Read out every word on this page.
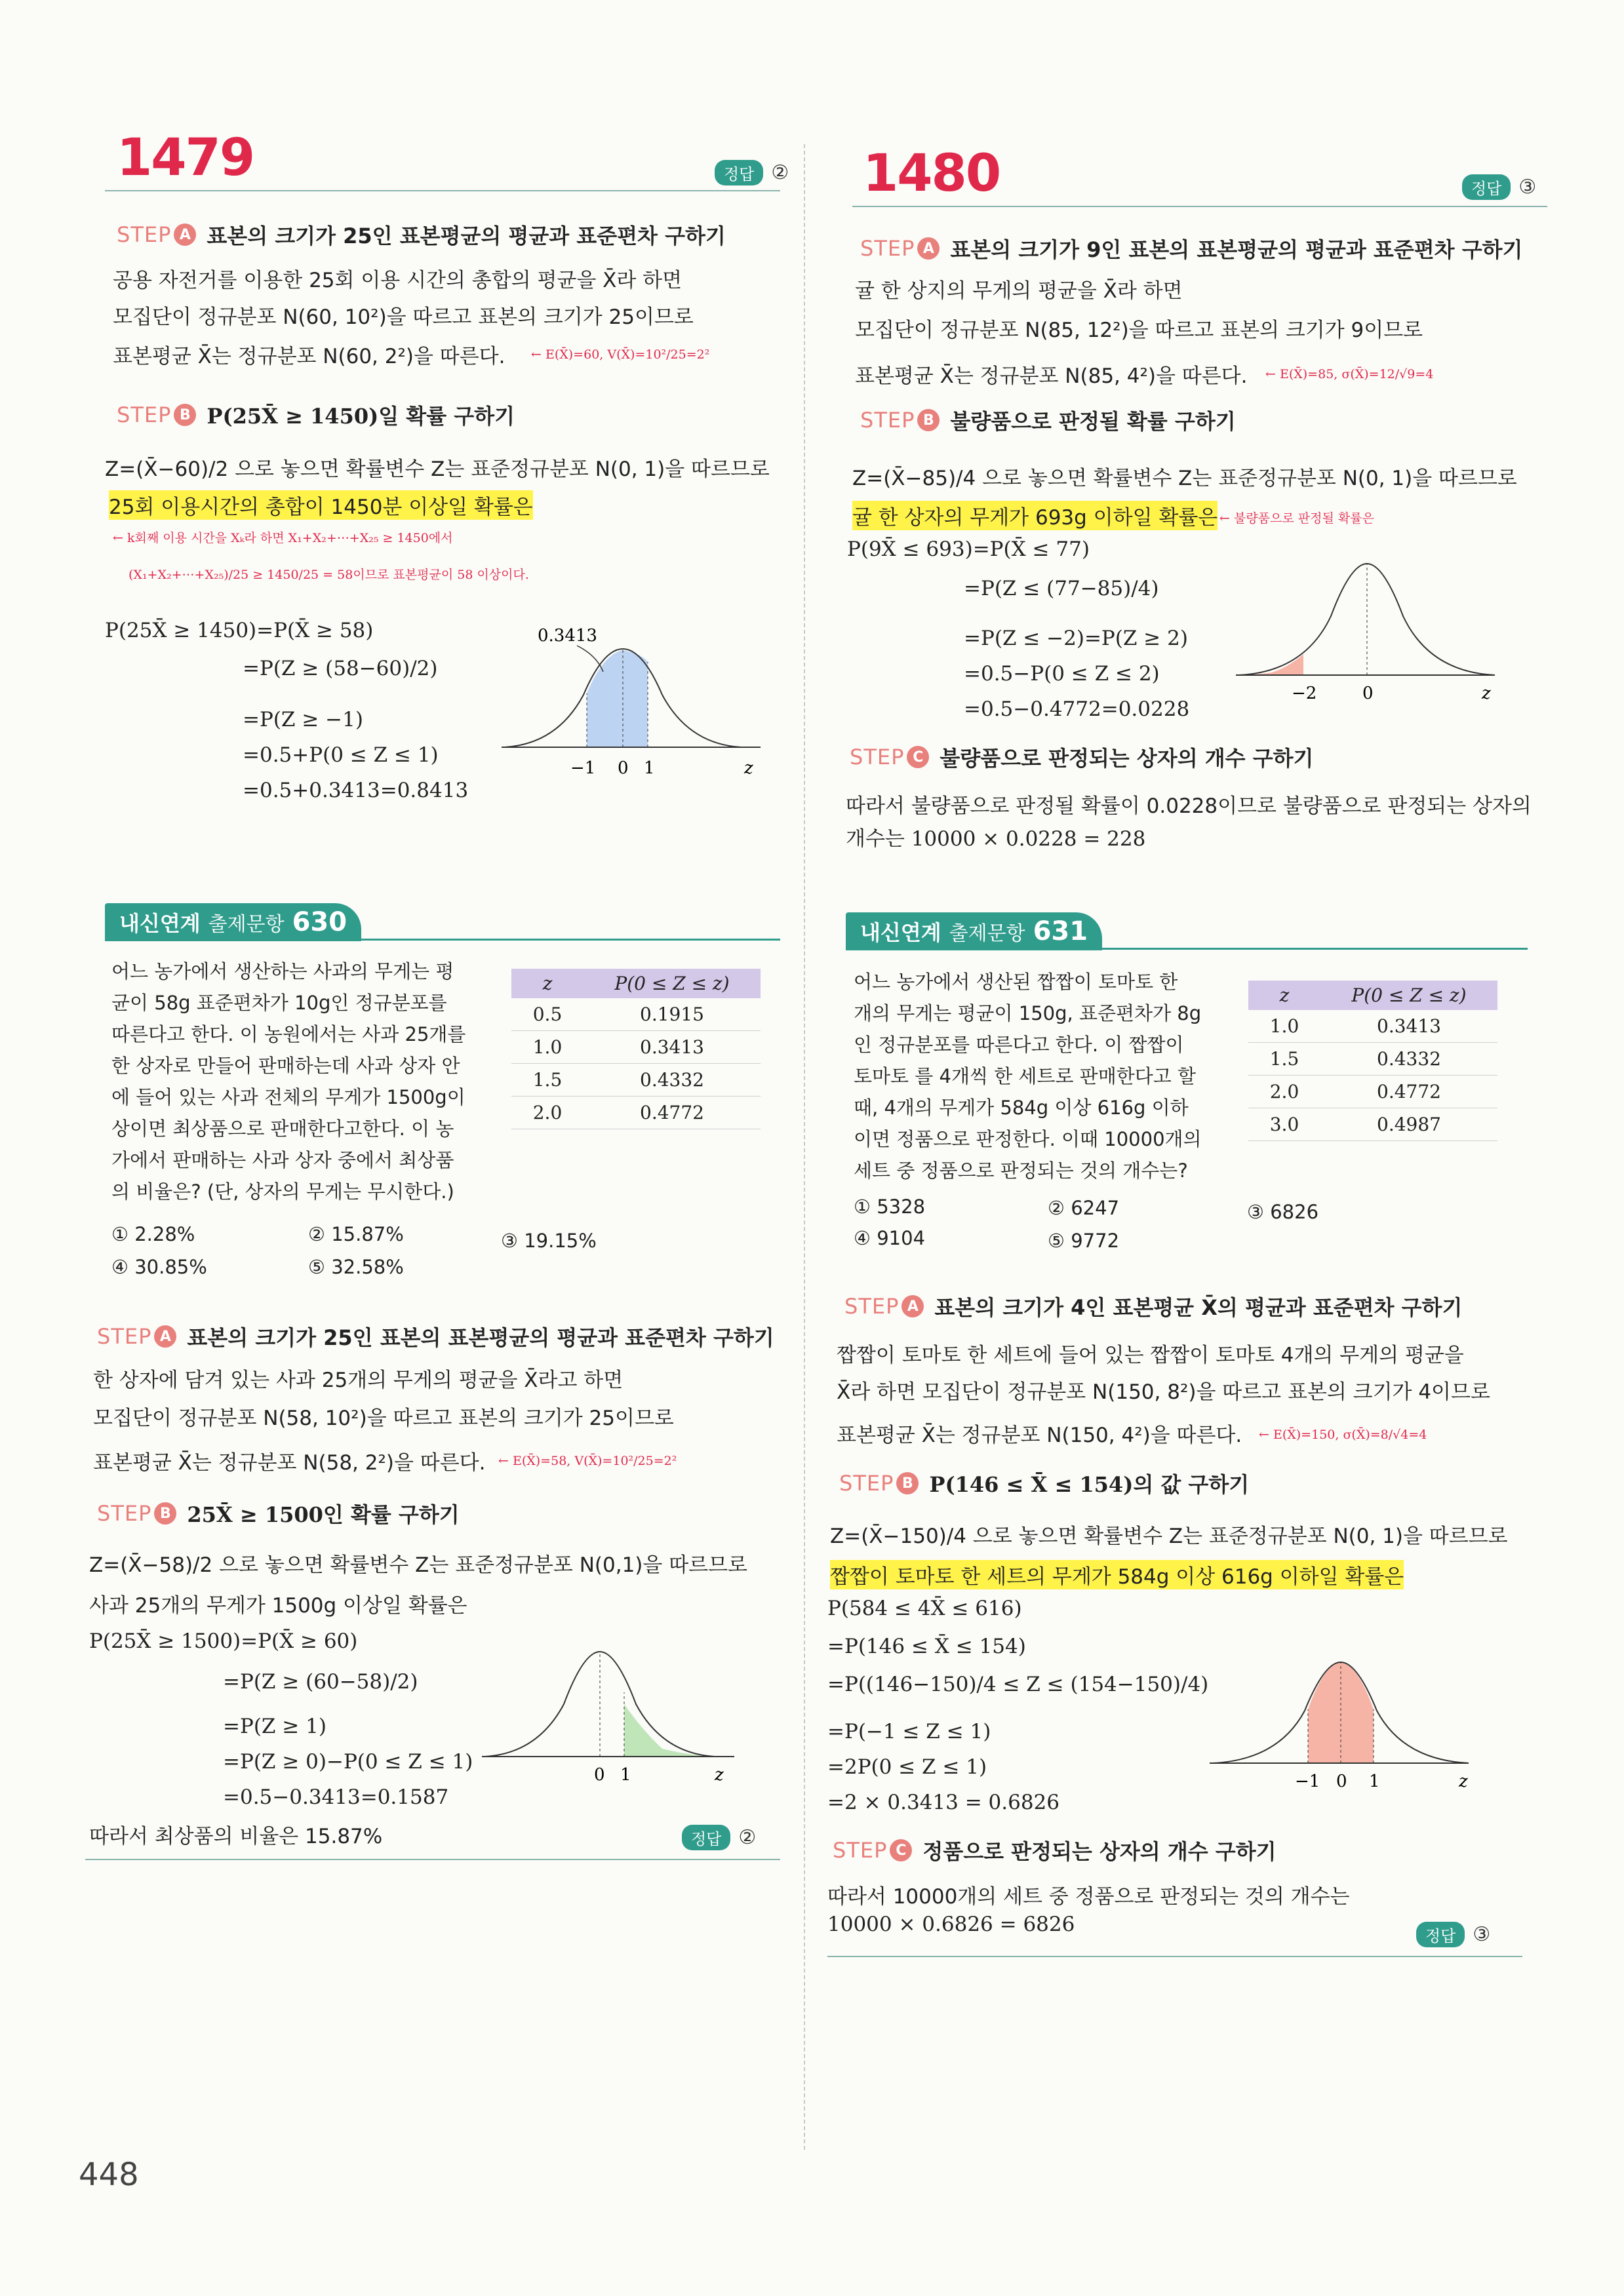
1479	정답 ②
STEP A 표본의 크기가 25인 표본평균의 평균과 표준편차 구하기
공용 자전거를 이용한 25회 이용 시간의 총합의 평균을 X̄라 하면
모집단이 정규분포 N(60, 10²)을 따르고 표본의 크기가 25이므로
표본평균 X̄는 정규분포 N(60, 2²)을 따른다. ← E(X̄)=60, V(X̄)=10²/25=2²
STEP B P(25X̄ ≥ 1450)일 확률 구하기
Z=(X̄−60)/2 으로 놓으면 확률변수 Z는 표준정규분포 N(0, 1)을 따르므로
25회 이용시간의 총합이 1450분 이상일 확률은
← k회째 이용 시간을 Xₖ라 하면 X₁+X₂+⋯+X₂₅ ≥ 1450에서
(X₁+X₂+⋯+X₂₅)/25 ≥ 1450/25 = 58이므로 표본평균이 58 이상이다.
P(25X̄ ≥ 1450)=P(X̄ ≥ 58)
=P(Z ≥ (58−60)/2)
=P(Z ≥ −1)
=0.5+P(0 ≤ Z ≤ 1)
=0.5+0.3413=0.8413
0.3413
−1 0 1	z
내신연계 출제문항 630
어느 농가에서 생산하는 사과의 무게는 평
균이 58g 표준편차가 10g인 정규분포를
따른다고 한다. 이 농원에서는 사과 25개를
한 상자로 만들어 판매하는데 사과 상자 안
에 들어 있는 사과 전체의 무게가 1500g이
상이면 최상품으로 판매한다고한다. 이 농
가에서 판매하는 사과 상자 중에서 최상품
의 비율은? (단, 상자의 무게는 무시한다.)
z	P(0 ≤ Z ≤ z)
0.5	0.1915
1.0	0.3413
1.5	0.4332
2.0	0.4772
① 2.28%	② 15.87%	③ 19.15%
④ 30.85%	⑤ 32.58%
STEP A 표본의 크기가 25인 표본의 표본평균의 평균과 표준편차 구하기
한 상자에 담겨 있는 사과 25개의 무게의 평균을 X̄라고 하면
모집단이 정규분포 N(58, 10²)을 따르고 표본의 크기가 25이므로
표본평균 X̄는 정규분포 N(58, 2²)을 따른다. ← E(X̄)=58, V(X̄)=10²/25=2²
STEP B 25X̄ ≥ 1500인 확률 구하기
Z=(X̄−58)/2 으로 놓으면 확률변수 Z는 표준정규분포 N(0,1)을 따르므로
사과 25개의 무게가 1500g 이상일 확률은
P(25X̄ ≥ 1500)=P(X̄ ≥ 60)
=P(Z ≥ (60−58)/2)
=P(Z ≥ 1)
=P(Z ≥ 0)−P(0 ≤ Z ≤ 1)
=0.5−0.3413=0.1587
따라서 최상품의 비율은 15.87%	정답 ②
0 1	z
448
1480	정답 ③
STEP A 표본의 크기가 9인 표본의 표본평균의 평균과 표준편차 구하기
귤 한 상지의 무게의 평균을 X̄라 하면
모집단이 정규분포 N(85, 12²)을 따르고 표본의 크기가 9이므로
표본평균 X̄는 정규분포 N(85, 4²)을 따른다. ← E(X̄)=85, σ(X̄)=12/√9=4
STEP B 불량품으로 판정될 확률 구하기
Z=(X̄−85)/4 으로 놓으면 확률변수 Z는 표준정규분포 N(0, 1)을 따르므로
귤 한 상자의 무게가 693g 이하일 확률은 ← 불량품으로 판정될 확률은
P(9X̄ ≤ 693)=P(X̄ ≤ 77)
=P(Z ≤ (77−85)/4)
=P(Z ≤ −2)=P(Z ≥ 2)
=0.5−P(0 ≤ Z ≤ 2)
=0.5−0.4772=0.0228
−2	0	z
STEP C 불량품으로 판정되는 상자의 개수 구하기
따라서 불량품으로 판정될 확률이 0.0228이므로 불량품으로 판정되는 상자의
개수는 10000 × 0.0228 = 228
내신연계 출제문항 631
어느 농가에서 생산된 짭짭이 토마토 한
개의 무게는 평균이 150g, 표준편차가 8g
인 정규분포를 따른다고 한다. 이 짭짭이
토마토 를 4개씩 한 세트로 판매한다고 할
때, 4개의 무게가 584g 이상 616g 이하
이면 정품으로 판정한다. 이때 10000개의
세트 중 정품으로 판정되는 것의 개수는?
z	P(0 ≤ Z ≤ z)
1.0	0.3413
1.5	0.4332
2.0	0.4772
3.0	0.4987
① 5328	② 6247	③ 6826
④ 9104	⑤ 9772
STEP A 표본의 크기가 4인 표본평균 X̄의 평균과 표준편차 구하기
짭짭이 토마토 한 세트에 들어 있는 짭짭이 토마토 4개의 무게의 평균을
X̄라 하면 모집단이 정규분포 N(150, 8²)을 따르고 표본의 크기가 4이므로
표본평균 X̄는 정규분포 N(150, 4²)을 따른다. ← E(X̄)=150, σ(X̄)=8/√4=4
STEP B P(146 ≤ X̄ ≤ 154)의 값 구하기
Z=(X̄−150)/4 으로 놓으면 확률변수 Z는 표준정규분포 N(0, 1)을 따르므로
짭짭이 토마토 한 세트의 무게가 584g 이상 616g 이하일 확률은
P(584 ≤ 4X̄ ≤ 616)
=P(146 ≤ X̄ ≤ 154)
=P((146−150)/4 ≤ Z ≤ (154−150)/4)
=P(−1 ≤ Z ≤ 1)
=2P(0 ≤ Z ≤ 1)
=2 × 0.3413 = 0.6826
−1 0 1	z
STEP C 정품으로 판정되는 상자의 개수 구하기
따라서 10000개의 세트 중 정품으로 판정되는 것의 개수는
10000 × 0.6826 = 6826	정답 ③
